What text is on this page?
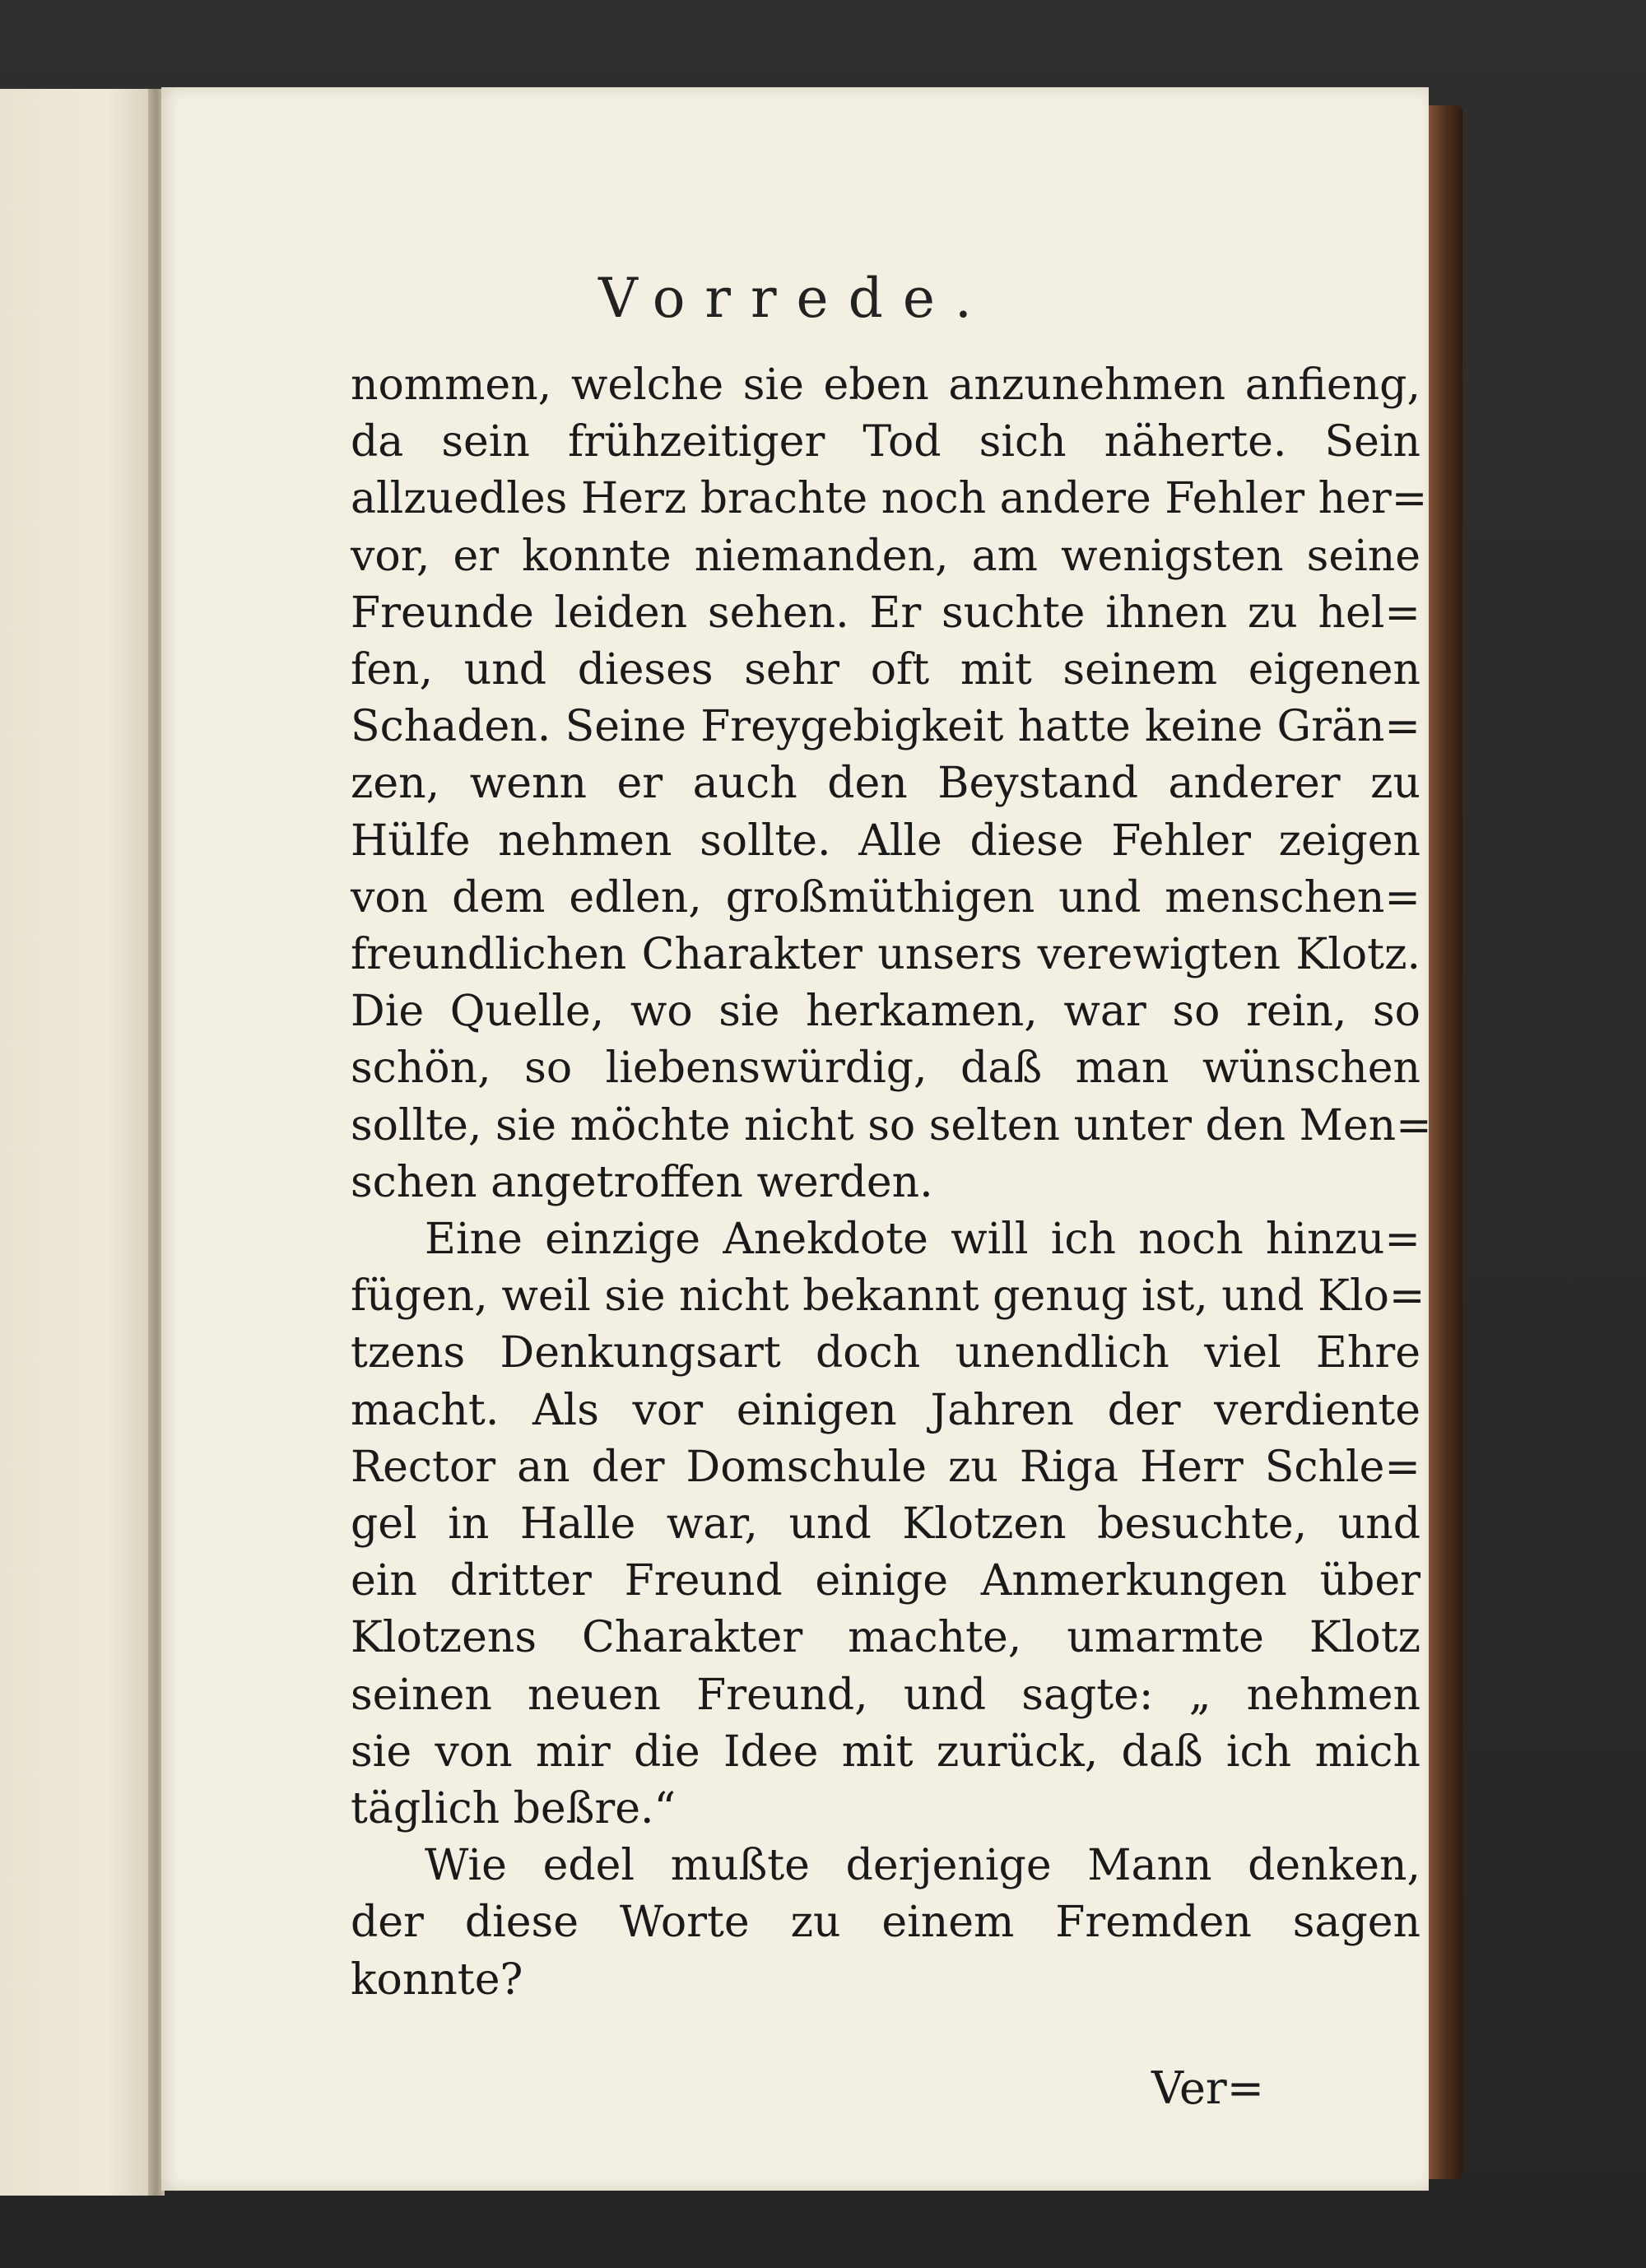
Vorrede.
nommen, welche sie eben anzunehmen anfieng,
da sein frühzeitiger Tod sich näherte. Sein
allzuedles Herz brachte noch andere Fehler her=
vor, er konnte niemanden, am wenigsten seine
Freunde leiden sehen. Er suchte ihnen zu hel=
fen, und dieses sehr oft mit seinem eigenen
Schaden. Seine Freygebigkeit hatte keine Grän=
zen, wenn er auch den Beystand anderer zu
Hülfe nehmen sollte. Alle diese Fehler zeigen
von dem edlen, großmüthigen und menschen=
freundlichen Charakter unsers verewigten Klotz.
Die Quelle, wo sie herkamen, war so rein, so
schön, so liebenswürdig, daß man wünschen
sollte, sie möchte nicht so selten unter den Men=
schen angetroffen werden.
Eine einzige Anekdote will ich noch hinzu=
fügen, weil sie nicht bekannt genug ist, und Klo=
tzens Denkungsart doch unendlich viel Ehre
macht. Als vor einigen Jahren der verdiente
Rector an der Domschule zu Riga Herr Schle=
gel in Halle war, und Klotzen besuchte, und
ein dritter Freund einige Anmerkungen über
Klotzens Charakter machte, umarmte Klotz
seinen neuen Freund, und sagte: „ nehmen
sie von mir die Idee mit zurück, daß ich mich
täglich beßre.“
Wie edel mußte derjenige Mann denken,
der diese Worte zu einem Fremden sagen
konnte?
Ver=
